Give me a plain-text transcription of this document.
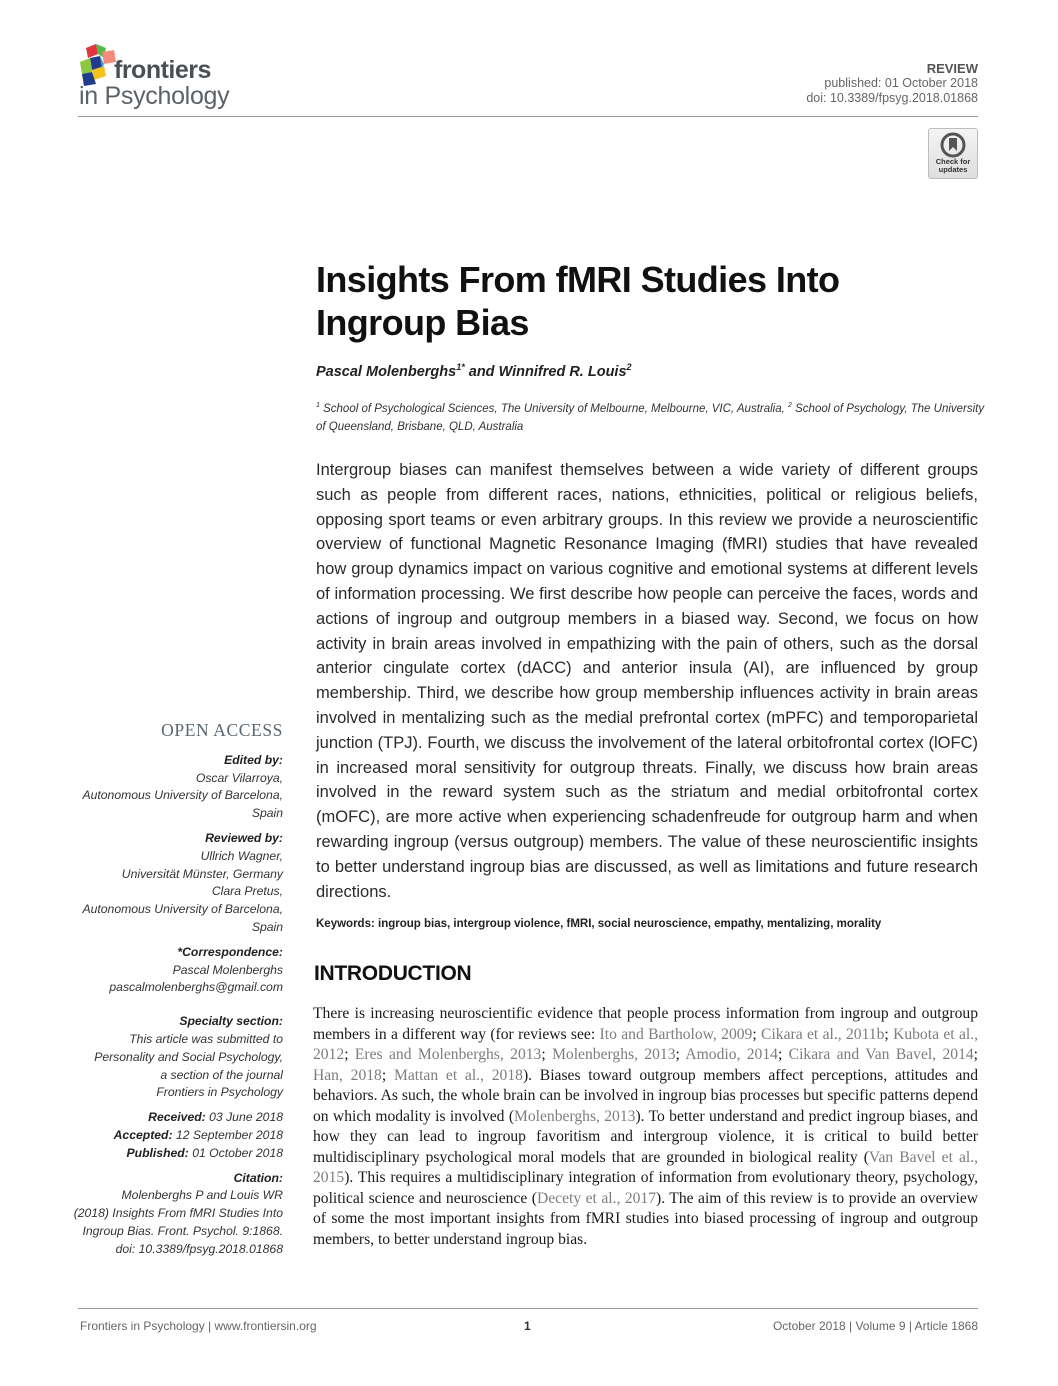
frontiers
in Psychology
REVIEW
published: 01 October 2018
doi: 10.3389/fpsyg.2018.01868
Check for
updates
Insights From fMRI Studies Into
Ingroup Bias
Pascal Molenberghs$^{1*}$ and Winnifred R. Louis$^2$
$^1$ School of Psychological Sciences, The University of Melbourne, Melbourne, VIC, Australia, $^2$ School of Psychology, The University of Queensland, Brisbane, QLD, Australia
Intergroup biases can manifest themselves between a wide variety of different groups such as people from different races, nations, ethnicities, political or religious beliefs, opposing sport teams or even arbitrary groups. In this review we provide a neuroscientific overview of functional Magnetic Resonance Imaging (fMRI) studies that have revealed how group dynamics impact on various cognitive and emotional systems at different levels of information processing. We first describe how people can perceive the faces, words and actions of ingroup and outgroup members in a biased way. Second, we focus on how activity in brain areas involved in empathizing with the pain of others, such as the dorsal anterior cingulate cortex (dACC) and anterior insula (AI), are influenced by group membership. Third, we describe how group membership influences activity in brain areas involved in mentalizing such as the medial prefrontal cortex (mPFC) and temporoparietal junction (TPJ). Fourth, we discuss the involvement of the lateral orbitofrontal cortex (lOFC) in increased moral sensitivity for outgroup threats. Finally, we discuss how brain areas involved in the reward system such as the striatum and medial orbitofrontal cortex (mOFC), are more active when experiencing schadenfreude for outgroup harm and when rewarding ingroup (versus outgroup) members. The value of these neuroscientific insights to better understand ingroup bias are discussed, as well as limitations and future research directions.
Keywords: ingroup bias, intergroup violence, fMRI, social neuroscience, empathy, mentalizing, morality
INTRODUCTION
There is increasing neuroscientific evidence that people process information from ingroup and outgroup members in a different way (for reviews see: Ito and Bartholow, 2009; Cikara et al., 2011b; Kubota et al., 2012; Eres and Molenberghs, 2013; Molenberghs, 2013; Amodio, 2014; Cikara and Van Bavel, 2014; Han, 2018; Mattan et al., 2018). Biases toward outgroup members affect perceptions, attitudes and behaviors. As such, the whole brain can be involved in ingroup bias processes but specific patterns depend on which modality is involved (Molenberghs, 2013). To better understand and predict ingroup biases, and how they can lead to ingroup favoritism and intergroup violence, it is critical to build better multidisciplinary psychological moral models that are grounded in biological reality (Van Bavel et al., 2015). This requires a multidisciplinary integration of information from evolutionary theory, psychology, political science and neuroscience (Decety et al., 2017). The aim of this review is to provide an overview of some the most important insights from fMRI studies into biased processing of ingroup and outgroup members, to better understand ingroup bias.
OPEN ACCESS
Edited by:
Oscar Vilarroya,
Autonomous University of Barcelona,
Spain
Reviewed by:
Ullrich Wagner,
Universität Münster, Germany
Clara Pretus,
Autonomous University of Barcelona,
Spain
*Correspondence:
Pascal Molenberghs
pascalmolenberghs@gmail.com
Specialty section:
This article was submitted to
Personality and Social Psychology,
a section of the journal
Frontiers in Psychology
Received: 03 June 2018
Accepted: 12 September 2018
Published: 01 October 2018
Citation:
Molenberghs P and Louis WR
(2018) Insights From fMRI Studies Into
Ingroup Bias. Front. Psychol. 9:1868.
doi: 10.3389/fpsyg.2018.01868
Frontiers in Psychology | www.frontiersin.org	1	October 2018 | Volume 9 | Article 1868
